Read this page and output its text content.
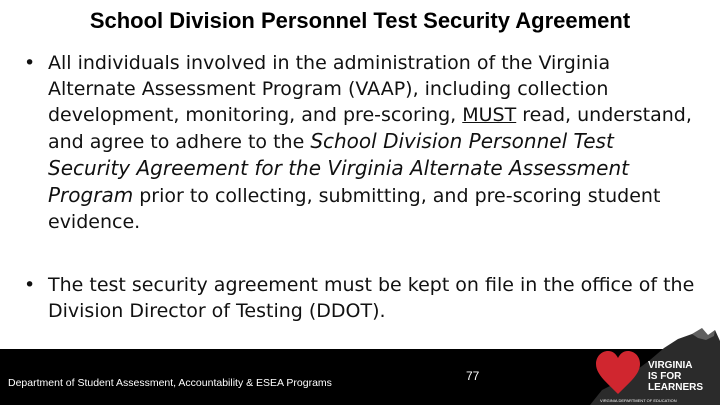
School Division Personnel Test Security Agreement
• All individuals involved in the administration of the Virginia Alternate Assessment Program (VAAP), including collection development, monitoring, and pre-scoring, MUST read, understand, and agree to adhere to the School Division Personnel Test Security Agreement for the Virginia Alternate Assessment Program prior to collecting, submitting, and pre-scoring student evidence.
• The test security agreement must be kept on file in the office of the Division Director of Testing (DDOT).
Department of Student Assessment, Accountability & ESEA Programs	77
VIRGINIA
IS FOR
LEARNERS
VIRGINIA DEPARTMENT OF EDUCATION
